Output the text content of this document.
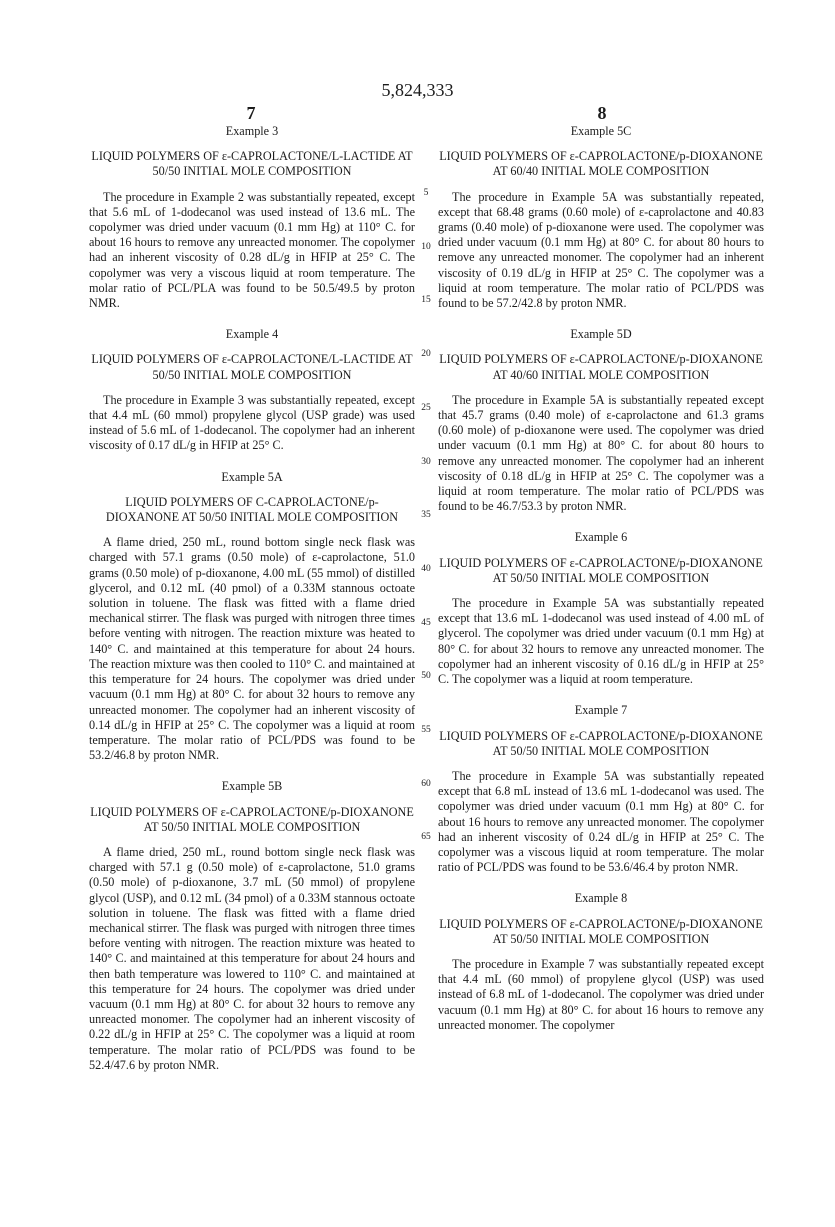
5,824,333
7	8
Example 3
LIQUID POLYMERS OF ε-CAPROLACTONE/L-LACTIDE AT 50/50 INITIAL MOLE COMPOSITION
The procedure in Example 2 was substantially repeated, except that 5.6 mL of 1-dodecanol was used instead of 13.6 mL. The copolymer was dried under vacuum (0.1 mm Hg) at 110° C. for about 16 hours to remove any unreacted monomer. The copolymer had an inherent viscosity of 0.28 dL/g in HFIP at 25° C. The copolymer was very a viscous liquid at room temperature. The molar ratio of PCL/PLA was found to be 50.5/49.5 by proton NMR.
Example 4
LIQUID POLYMERS OF ε-CAPROLACTONE/L-LACTIDE AT 50/50 INITIAL MOLE COMPOSITION
The procedure in Example 3 was substantially repeated, except that 4.4 mL (60 mmol) propylene glycol (USP grade) was used instead of 5.6 mL of 1-dodecanol. The copolymer had an inherent viscosity of 0.17 dL/g in HFIP at 25° C.
Example 5A
LIQUID POLYMERS OF C-CAPROLACTONE/p-DIOXANONE AT 50/50 INITIAL MOLE COMPOSITION
A flame dried, 250 mL, round bottom single neck flask was charged with 57.1 grams (0.50 mole) of ε-caprolactone, 51.0 grams (0.50 mole) of p-dioxanone, 4.00 mL (55 mmol) of distilled glycerol, and 0.12 mL (40 pmol) of a 0.33M stannous octoate solution in toluene. The flask was fitted with a flame dried mechanical stirrer. The flask was purged with nitrogen three times before venting with nitrogen. The reaction mixture was heated to 140° C. and maintained at this temperature for about 24 hours. The reaction mixture was then cooled to 110° C. and maintained at this temperature for 24 hours. The copolymer was dried under vacuum (0.1 mm Hg) at 80° C. for about 32 hours to remove any unreacted monomer. The copolymer had an inherent viscosity of 0.14 dL/g in HFIP at 25° C. The copolymer was a liquid at room temperature. The molar ratio of PCL/PDS was found to be 53.2/46.8 by proton NMR.
Example 5B
LIQUID POLYMERS OF ε-CAPROLACTONE/p-DIOXANONE AT 50/50 INITIAL MOLE COMPOSITION
A flame dried, 250 mL, round bottom single neck flask was charged with 57.1 g (0.50 mole) of ε-caprolactone, 51.0 grams (0.50 mole) of p-dioxanone, 3.7 mL (50 mmol) of propylene glycol (USP), and 0.12 mL (34 pmol) of a 0.33M stannous octoate solution in toluene. The flask was fitted with a flame dried mechanical stirrer. The flask was purged with nitrogen three times before venting with nitrogen. The reaction mixture was heated to 140° C. and maintained at this temperature for about 24 hours and then bath temperature was lowered to 110° C. and maintained at this temperature for 24 hours. The copolymer was dried under vacuum (0.1 mm Hg) at 80° C. for about 32 hours to remove any unreacted monomer. The copolymer had an inherent viscosity of 0.22 dL/g in HFIP at 25° C. The copolymer was a liquid at room temperature. The molar ratio of PCL/PDS was found to be 52.4/47.6 by proton NMR.
Example 5C
LIQUID POLYMERS OF ε-CAPROLACTONE/p-DIOXANONE AT 60/40 INITIAL MOLE COMPOSITION
The procedure in Example 5A was substantially repeated, except that 68.48 grams (0.60 mole) of ε-caprolactone and 40.83 grams (0.40 mole) of p-dioxanone were used. The copolymer was dried under vacuum (0.1 mm Hg) at 80° C. for about 80 hours to remove any unreacted monomer. The copolymer had an inherent viscosity of 0.19 dL/g in HFIP at 25° C. The copolymer was a liquid at room temperature. The molar ratio of PCL/PDS was found to be 57.2/42.8 by proton NMR.
Example 5D
LIQUID POLYMERS OF ε-CAPROLACTONE/p-DIOXANONE AT 40/60 INITIAL MOLE COMPOSITION
The procedure in Example 5A is substantially repeated except that 45.7 grams (0.40 mole) of ε-caprolactone and 61.3 grams (0.60 mole) of p-dioxanone were used. The copolymer was dried under vacuum (0.1 mm Hg) at 80° C. for about 80 hours to remove any unreacted monomer. The copolymer had an inherent viscosity of 0.18 dL/g in HFIP at 25° C. The copolymer was a liquid at room temperature. The molar ratio of PCL/PDS was found to be 46.7/53.3 by proton NMR.
Example 6
LIQUID POLYMERS OF ε-CAPROLACTONE/p-DIOXANONE AT 50/50 INITIAL MOLE COMPOSITION
The procedure in Example 5A was substantially repeated except that 13.6 mL 1-dodecanol was used instead of 4.00 mL of glycerol. The copolymer was dried under vacuum (0.1 mm Hg) at 80° C. for about 32 hours to remove any unreacted monomer. The copolymer had an inherent viscosity of 0.16 dL/g in HFIP at 25° C. The copolymer was a liquid at room temperature.
Example 7
LIQUID POLYMERS OF ε-CAPROLACTONE/p-DIOXANONE AT 50/50 INITIAL MOLE COMPOSITION
The procedure in Example 5A was substantially repeated except that 6.8 mL instead of 13.6 mL 1-dodecanol was used. The copolymer was dried under vacuum (0.1 mm Hg) at 80° C. for about 16 hours to remove any unreacted monomer. The copolymer had an inherent viscosity of 0.24 dL/g in HFIP at 25° C. The copolymer was a viscous liquid at room temperature. The molar ratio of PCL/PDS was found to be 53.6/46.4 by proton NMR.
Example 8
LIQUID POLYMERS OF ε-CAPROLACTONE/p-DIOXANONE AT 50/50 INITIAL MOLE COMPOSITION
The procedure in Example 7 was substantially repeated except that 4.4 mL (60 mmol) of propylene glycol (USP) was used instead of 6.8 mL of 1-dodecanol. The copolymer was dried under vacuum (0.1 mm Hg) at 80° C. for about 16 hours to remove any unreacted monomer. The copolymer
5
10
15
20
25
30
35
40
45
50
55
60
65
